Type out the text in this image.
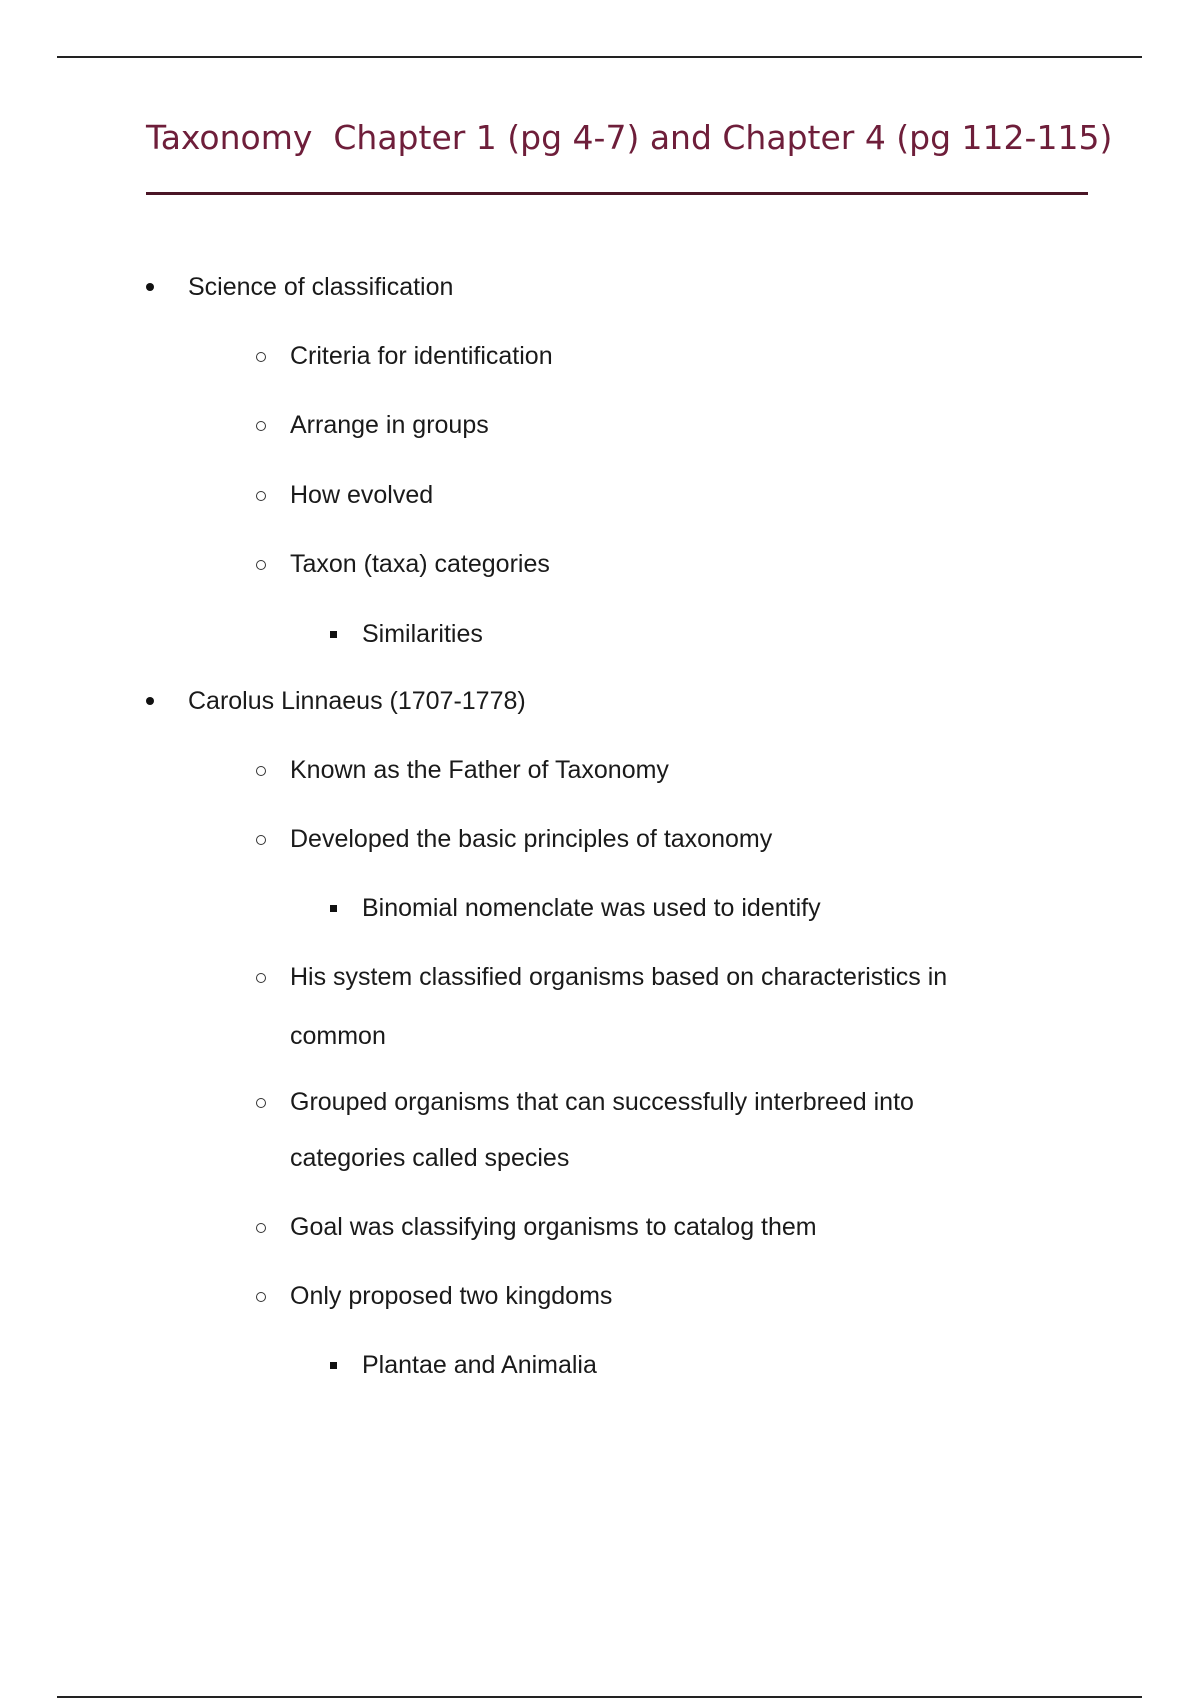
Taxonomy  Chapter 1 (pg 4-7) and Chapter 4 (pg 112-115)
Science of classification
Criteria for identification
Arrange in groups
How evolved
Taxon (taxa) categories
Similarities
Carolus Linnaeus (1707-1778)
Known as the Father of Taxonomy
Developed the basic principles of taxonomy
Binomial nomenclate was used to identify
His system classified organisms based on characteristics in
common
Grouped organisms that can successfully interbreed into
categories called species
Goal was classifying organisms to catalog them
Only proposed two kingdoms
Plantae and Animalia
